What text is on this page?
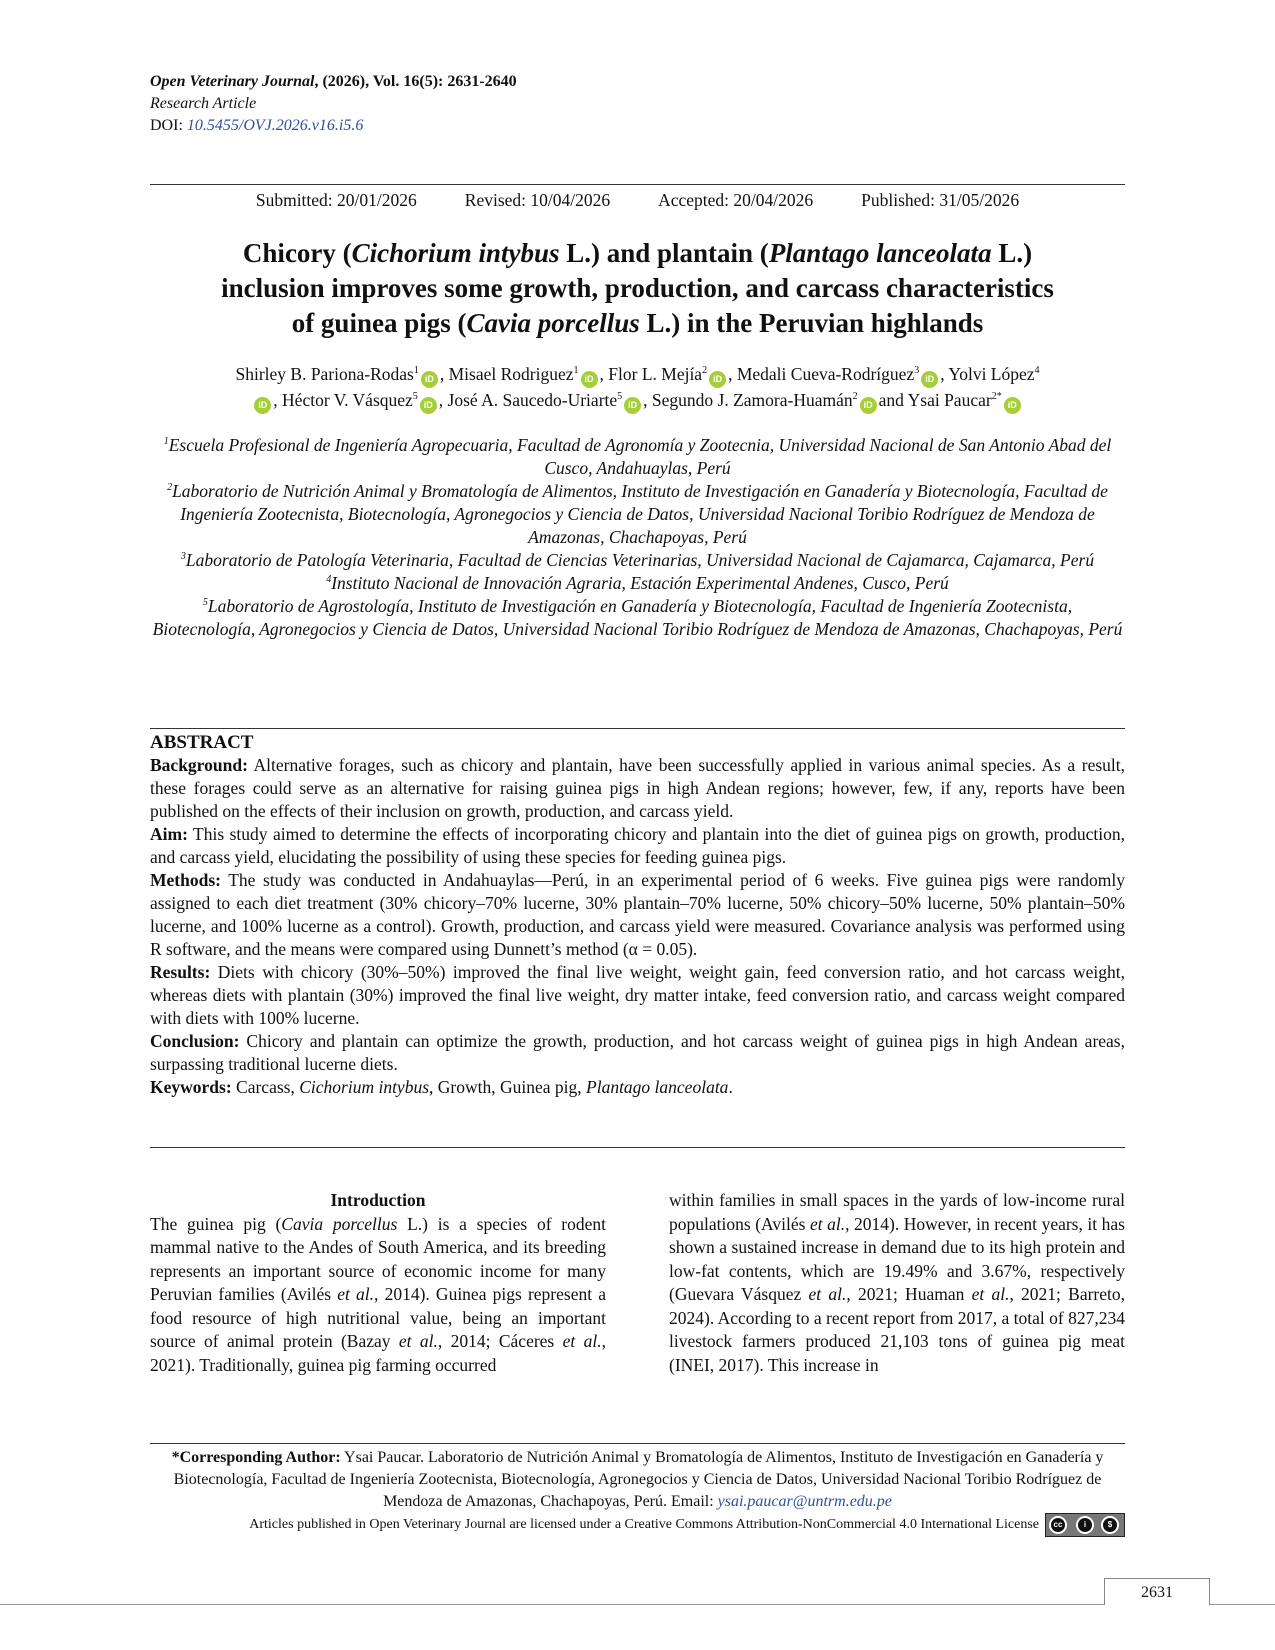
Open Veterinary Journal, (2026), Vol. 16(5): 2631-2640
Research Article
DOI: 10.5455/OVJ.2026.v16.i5.6
Submitted: 20/01/2026	Revised: 10/04/2026	Accepted: 20/04/2026	Published: 31/05/2026
Chicory (Cichorium intybus L.) and plantain (Plantago lanceolata L.)
inclusion improves some growth, production, and carcass characteristics
of guinea pigs (Cavia porcellus L.) in the Peruvian highlands
Shirley B. Pariona-Rodas$^1$iD , Misael Rodriguez$^1$iD , Flor L. Mejía$^2$iD , Medali Cueva-Rodríguez$^3$iD , Yolvi López$^4$
iD , Héctor V. Vásquez$^5$iD , José A. Saucedo-Uriarte$^5$iD , Segundo J. Zamora-Huamán$^2$iD and Ysai Paucar$^{2*}$iD
$^1$Escuela Profesional de Ingeniería Agropecuaria, Facultad de Agronomía y Zootecnia, Universidad Nacional de San Antonio Abad del Cusco, Andahuaylas, Perú
$^2$Laboratorio de Nutrición Animal y Bromatología de Alimentos, Instituto de Investigación en Ganadería y Biotecnología, Facultad de Ingeniería Zootecnista, Biotecnología, Agronegocios y Ciencia de Datos, Universidad Nacional Toribio Rodríguez de Mendoza de Amazonas, Chachapoyas, Perú
$^3$Laboratorio de Patología Veterinaria, Facultad de Ciencias Veterinarias, Universidad Nacional de Cajamarca, Cajamarca, Perú
$^4$Instituto Nacional de Innovación Agraria, Estación Experimental Andenes, Cusco, Perú
$^5$Laboratorio de Agrostología, Instituto de Investigación en Ganadería y Biotecnología, Facultad de Ingeniería Zootecnista, Biotecnología, Agronegocios y Ciencia de Datos, Universidad Nacional Toribio Rodríguez de Mendoza de Amazonas, Chachapoyas, Perú
ABSTRACT

Background: Alternative forages, such as chicory and plantain, have been successfully applied in various animal species. As a result, these forages could serve as an alternative for raising guinea pigs in high Andean regions; however, few, if any, reports have been published on the effects of their inclusion on growth, production, and carcass yield.

Aim: This study aimed to determine the effects of incorporating chicory and plantain into the diet of guinea pigs on growth, production, and carcass yield, elucidating the possibility of using these species for feeding guinea pigs.

Methods: The study was conducted in Andahuaylas—Perú, in an experimental period of 6 weeks. Five guinea pigs were randomly assigned to each diet treatment (30% chicory–70% lucerne, 30% plantain–70% lucerne, 50% chicory–50% lucerne, 50% plantain–50% lucerne, and 100% lucerne as a control). Growth, production, and carcass yield were measured. Covariance analysis was performed using R software, and the means were compared using Dunnett’s method (α = 0.05).

Results: Diets with chicory (30%–50%) improved the final live weight, weight gain, feed conversion ratio, and hot carcass weight, whereas diets with plantain (30%) improved the final live weight, dry matter intake, feed conversion ratio, and carcass weight compared with diets with 100% lucerne.

Conclusion: Chicory and plantain can optimize the growth, production, and hot carcass weight of guinea pigs in high Andean areas, surpassing traditional lucerne diets.

Keywords: Carcass, Cichorium intybus, Growth, Guinea pig, Plantago lanceolata.

Introduction

The guinea pig (Cavia porcellus L.) is a species of rodent mammal native to the Andes of South America, and its breeding represents an important source of economic income for many Peruvian families (Avilés et al., 2014). Guinea pigs represent a food resource of high nutritional value, being an important source of animal protein (Bazay et al., 2014; Cáceres et al., 2021). Traditionally, guinea pig farming occurred

within families in small spaces in the yards of low-income rural populations (Avilés et al., 2014). However, in recent years, it has shown a sustained increase in demand due to its high protein and low-fat contents, which are 19.49% and 3.67%, respectively (Guevara Vásquez et al., 2021; Huaman et al., 2021; Barreto, 2024). According to a recent report from 2017, a total of 827,234 livestock farmers produced 21,103 tons of guinea pig meat (INEI, 2017). This increase in

*Corresponding Author: Ysai Paucar. Laboratorio de Nutrición Animal y Bromatología de Alimentos, Instituto de Investigación en Ganadería y Biotecnología, Facultad de Ingeniería Zootecnista, Biotecnología, Agronegocios y Ciencia de Datos, Universidad Nacional Toribio Rodríguez de Mendoza de Amazonas, Chachapoyas, Perú. Email: ysai.paucar@untrm.edu.pe
Articles published in Open Veterinary Journal are licensed under a Creative Commons Attribution-NonCommercial 4.0 International License	cc	i	$
2631
